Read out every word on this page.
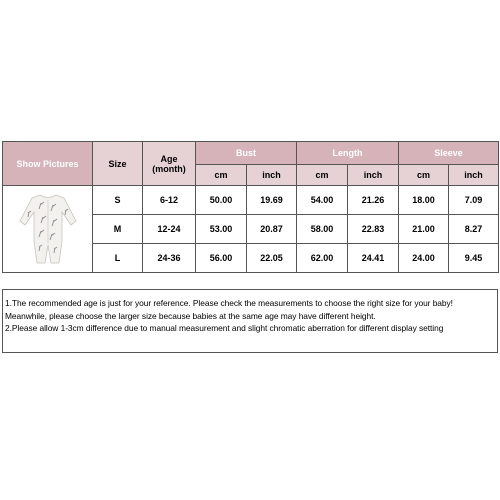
Show Pictures	Size	Age (month)	Bust		Length		Sleeve	
			cm	inch	cm	inch	cm	inch

	S	6-12	50.00	19.69	54.00	21.26	18.00	7.09
	M	12-24	53.00	20.87	58.00	22.83	21.00	8.27
	L	24-36	56.00	22.05	62.00	24.41	24.00	9.45
1.The recommended age is just for your reference. Please check the measurements to choose the right size for your baby!
Meanwhile, please choose the larger size because babies at the same age may have different height.
2.Please allow 1-3cm difference due to manual measurement and slight chromatic aberration for different display setting
